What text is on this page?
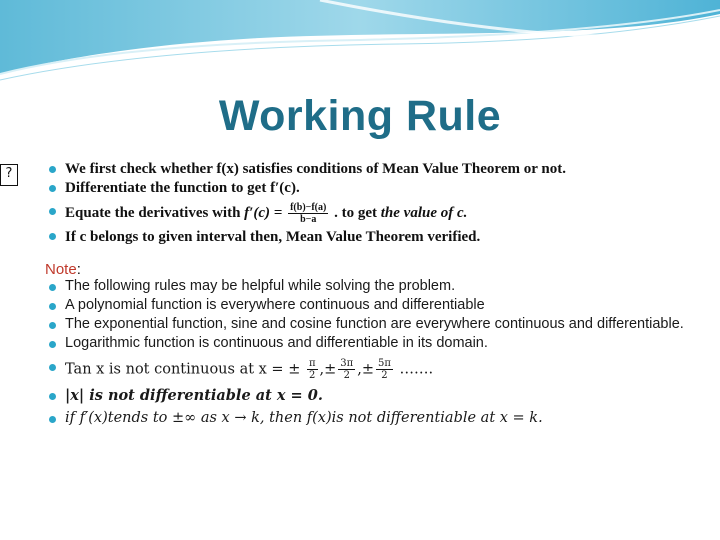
Working Rule
?	We first check whether f(x) satisfies conditions of Mean Value Theorem or not.
Differentiate the function to get f′(c).
Equate the derivatives with $f'(c) = \frac{f(b)-f(a)}{b-a}$ . to get the value of c.
If c belongs to given interval then, Mean Value Theorem verified.
Note:
The following rules may be helpful while solving the problem.
A polynomial function is everywhere continuous and differentiable
The exponential function, sine and cosine function are everywhere continuous and differentiable.
Logarithmic function is continuous and differentiable in its domain.
Tan x is not continuous at x = ± $\frac{\pi}{2}$ ,± $\frac{3\pi}{2}$ ,± $\frac{5\pi}{2}$ …….
|x| is not differentiable at x = 0.
if f′(x)tends to ±∞ as x → k, then f(x)is not differentiable at x = k.
